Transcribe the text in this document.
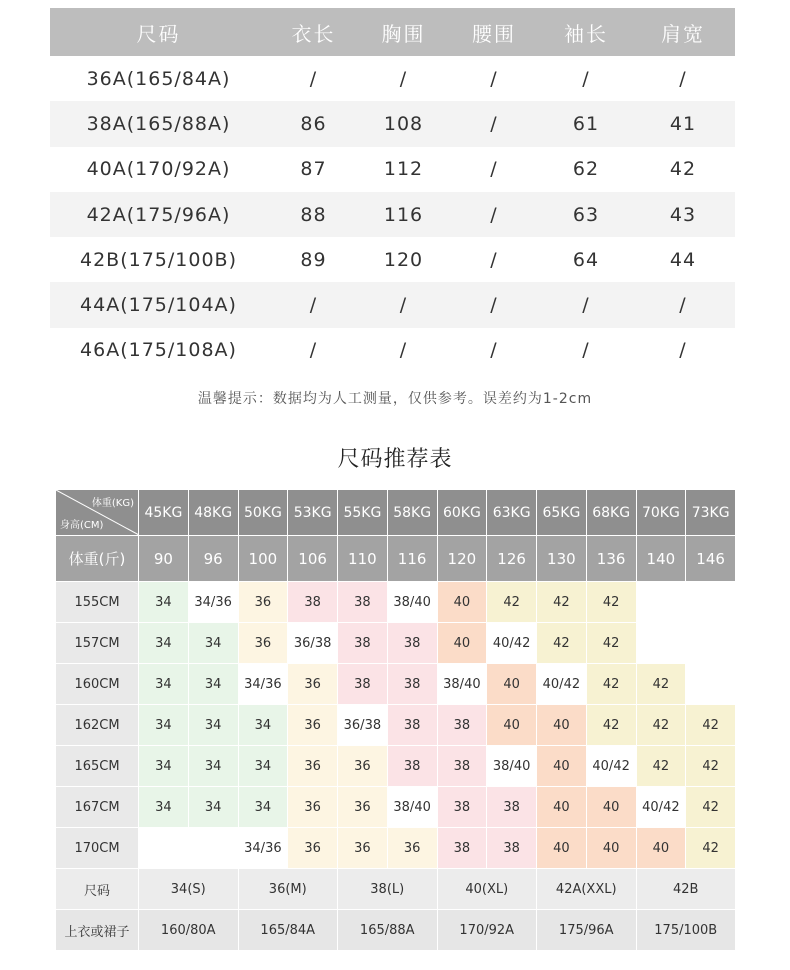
尺码	衣长	胸围	腰围	袖长	肩宽
36A(165/84A)	/	/	/	/	/
38A(165/88A)	86	108	/	61	41
40A(170/92A)	87	112	/	62	42
42A(175/96A)	88	116	/	63	43
42B(175/100B)	89	120	/	64	44
44A(175/104A)	/	/	/	/	/
46A(175/108A)	/	/	/	/	/
温馨提示：数据均为人工测量，仅供参考。误差约为1-2cm
尺码推荐表
体重(KG)
身高(CM)	45KG	48KG	50KG	53KG	55KG	58KG	60KG	63KG	65KG	68KG	70KG	73KG
体重(斤)	90	96	100	106	110	116	120	126	130	136	140	146
155CM	34	34/36	36	38	38	38/40	40	42	42	42		
157CM	34	34	36	36/38	38	38	40	40/42	42	42		
160CM	34	34	34/36	36	38	38	38/40	40	40/42	42	42	
162CM	34	34	34	36	36/38	38	38	40	40	42	42	42
165CM	34	34	34	36	36	38	38	38/40	40	40/42	42	42
167CM	34	34	34	36	36	38/40	38	38	40	40	40/42	42
170CM			34/36	36	36	36	38	38	40	40	40	42
尺码	34(S)		36(M)		38(L)		40(XL)		42A(XXL)		42B	
上衣或裙子	160/80A		165/84A		165/88A		170/92A		175/96A		175/100B	
